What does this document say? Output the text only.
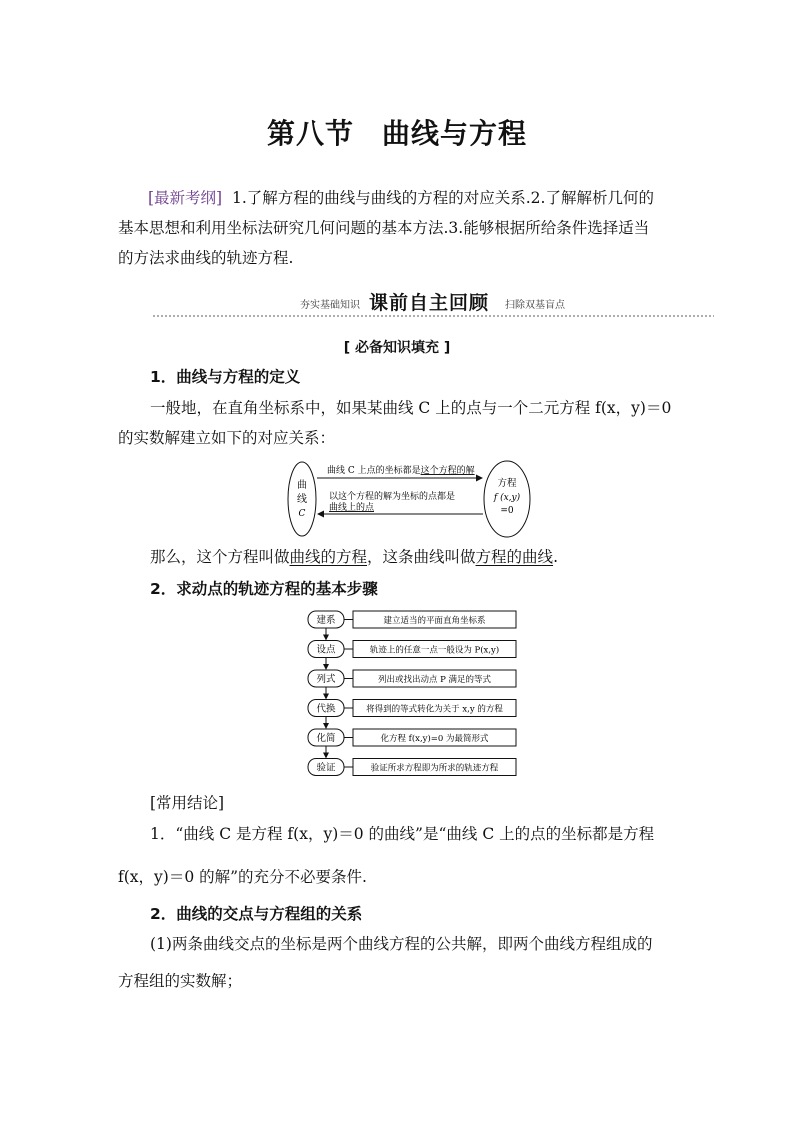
第八节 曲线与方程
[最新考纲] 1.了解方程的曲线与曲线的方程的对应关系.2.了解解析几何的
基本思想和利用坐标法研究几何问题的基本方法.3.能够根据所给条件选择适当
的方法求曲线的轨迹方程.
夯实基础知识 课前自主回顾 扫除双基盲点
[ 必备知识填充 ]
1．曲线与方程的定义
一般地，在直角坐标系中，如果某曲线 C 上的点与一个二元方程 f(x，y)＝0
的实数解建立如下的对应关系：
曲
线
C
方程
f (x,y)
=0
曲线 C 上点的坐标都是这个方程的解
以这个方程的解为坐标的点都是
曲线上的点
那么，这个方程叫做曲线的方程，这条曲线叫做方程的曲线.
2．求动点的轨迹方程的基本步骤
建系	建立适当的平面直角坐标系
设点	轨迹上的任意一点一般设为 P(x,y)
列式	列出或找出动点 P 满足的等式
代换	将得到的等式转化为关于 x,y 的方程
化简	化方程 f(x,y)=0 为最简形式
验证	验证所求方程即为所求的轨迹方程
[常用结论]
1．“曲线 C 是方程 f(x，y)＝0 的曲线”是“曲线 C 上的点的坐标都是方程
f(x，y)＝0 的解”的充分不必要条件.
2．曲线的交点与方程组的关系
(1)两条曲线交点的坐标是两个曲线方程的公共解，即两个曲线方程组成的
方程组的实数解；
